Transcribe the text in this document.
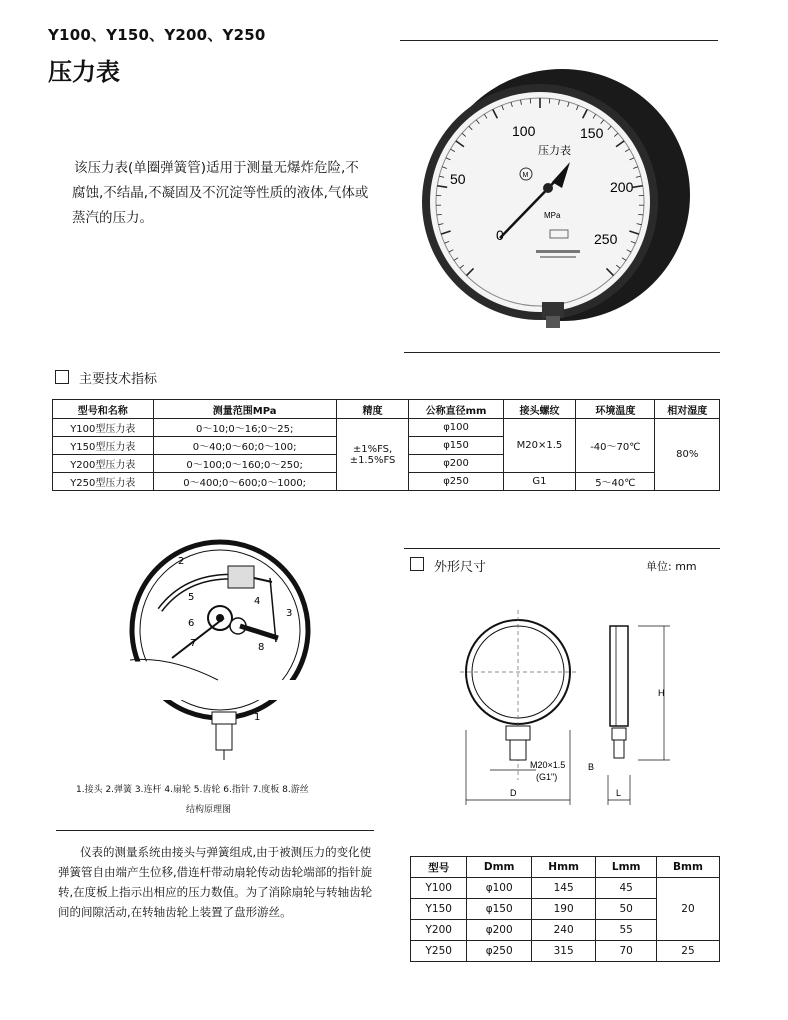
Y100、Y150、Y200、Y250
压力表
该压力表(单圈弹簧管)适用于测量无爆炸危险,不腐蚀,不结晶,不凝固及不沉淀等性质的液体,气体或蒸汽的压力。
0
50
100	150
200
250
压力表
MPa
M
主要技术指标
型号和名称	测量范围MPa	精度	公称直径mm	接头螺纹	环境温度	相对湿度
Y100型压力表	0～10;0～16;0～25;	±1%FS,
±1.5%FS	φ100	M20×1.5	-40～70℃	80%
Y150型压力表	0～40;0～60;0～100;		φ150			
Y200型压力表	0～100;0～160;0～250;		φ200			
Y250型压力表	0～400;0～600;0～1000;		φ250	G1	5～40℃	
2
5
6
7
4
3
8
1
1.接头 2.弹簧 3.连杆 4.扇轮 5.齿轮 6.指针 7.度板 8.游丝
结构原理图
仪表的测量系统由接头与弹簧组成,由于被测压力的变化使弹簧管自由端产生位移,借连杆带动扇轮传动齿轮端部的指针旋转,在度板上指示出相应的压力数值。为了消除扇轮与转轴齿轮间的间隙活动,在转轴齿轮上装置了盘形游丝。
外形尺寸	单位: mm
D
M20×1.5
(G1")
H
B
L
型号	Dmm	Hmm	Lmm	Bmm
Y100	φ100	145	45	20
Y150	φ150	190	50	
Y200	φ200	240	55	
Y250	φ250	315	70	25
